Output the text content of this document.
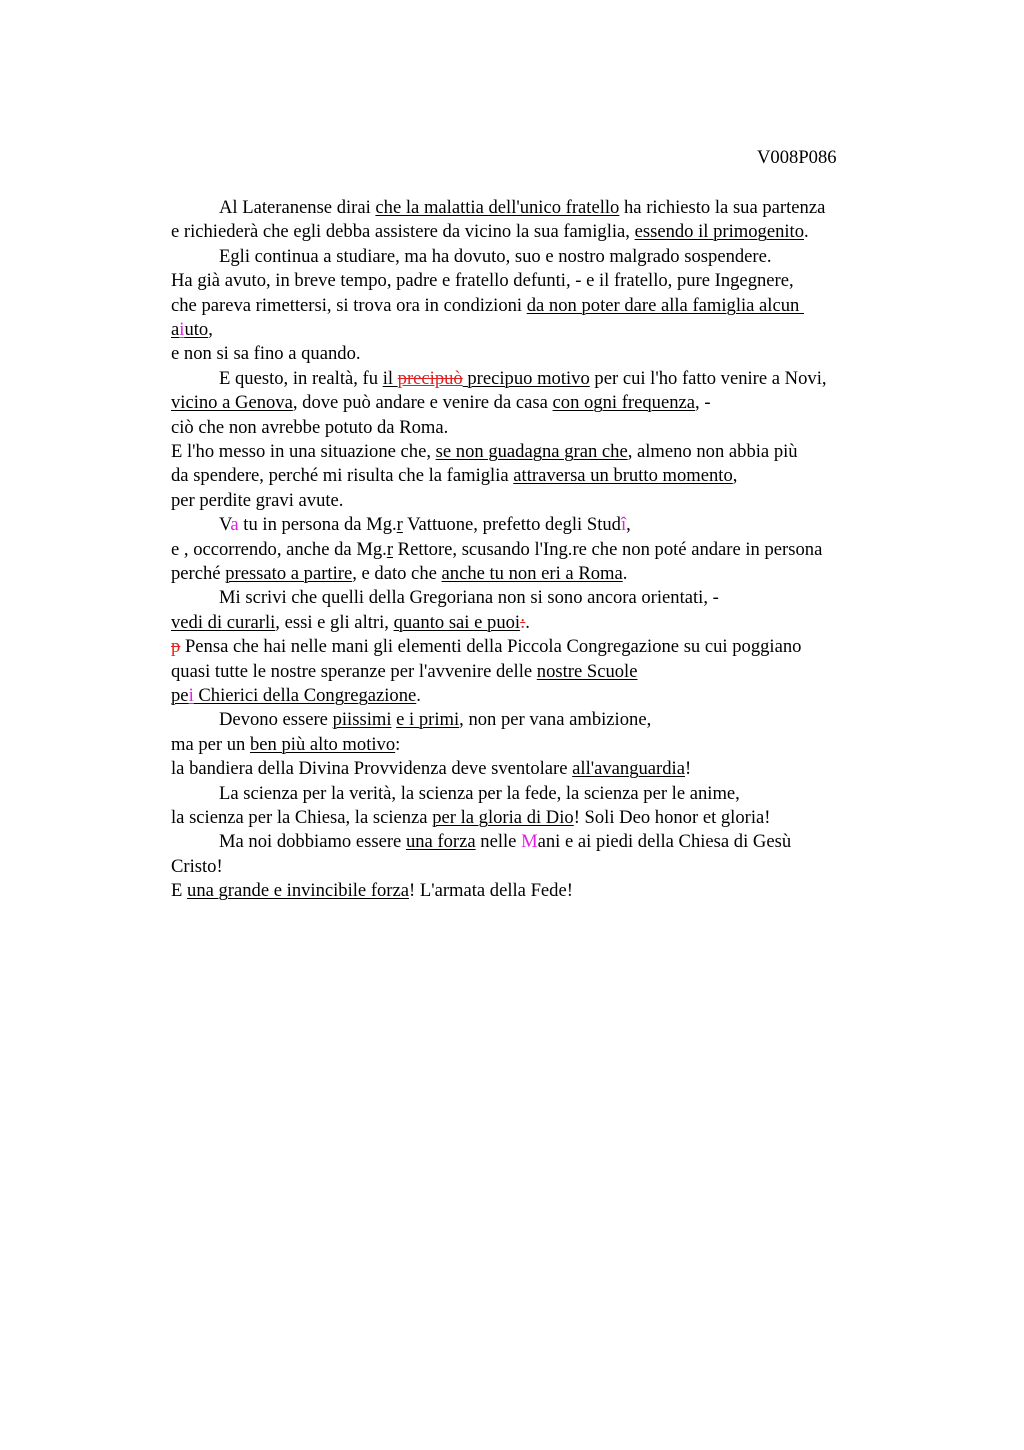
V008P086
Al Lateranense dirai che la malattia dell'unico fratello ha richiesto la sua partenza
e richiederà che egli debba assistere da vicino la sua famiglia, essendo il primogenito.
Egli continua a studiare, ma ha dovuto, suo e nostro malgrado sospendere.
Ha già avuto, in breve tempo, padre e fratello defunti, - e il fratello, pure Ingegnere,
che pareva rimettersi, si trova ora in condizioni da non poter dare alla famiglia alcun
aiuto,
e non si sa fino a quando.
E questo, in realtà, fu il precipuò precipuo motivo per cui l'ho fatto venire a Novi,
vicino a Genova, dove può andare e venire da casa con ogni frequenza, -
ciò che non avrebbe potuto da Roma.
E l'ho messo in una situazione che, se non guadagna gran che, almeno non abbia più
da spendere, perché mi risulta che la famiglia attraversa un brutto momento,
per perdite gravi avute.
Va tu in persona da Mg.r Vattuone, prefetto degli Studî,
e , occorrendo, anche da Mg.r Rettore, scusando l'Ing.re che non poté andare in persona
perché pressato a partire, e dato che anche tu non eri a Roma.
Mi scrivi che quelli della Gregoriana non si sono ancora orientati, -
vedi di curarli, essi e gli altri, quanto sai e puoi:.
p Pensa che hai nelle mani gli elementi della Piccola Congregazione su cui poggiano
quasi tutte le nostre speranze per l'avvenire delle nostre Scuole
pei Chierici della Congregazione.
Devono essere piissimi e i primi, non per vana ambizione,
ma per un ben più alto motivo:
la bandiera della Divina Provvidenza deve sventolare all'avanguardia!
La scienza per la verità, la scienza per la fede, la scienza per le anime,
la scienza per la Chiesa, la scienza per la gloria di Dio! Soli Deo honor et gloria!
Ma noi dobbiamo essere una forza nelle Mani e ai piedi della Chiesa di Gesù
Cristo!
E una grande e invincibile forza! L'armata della Fede!
